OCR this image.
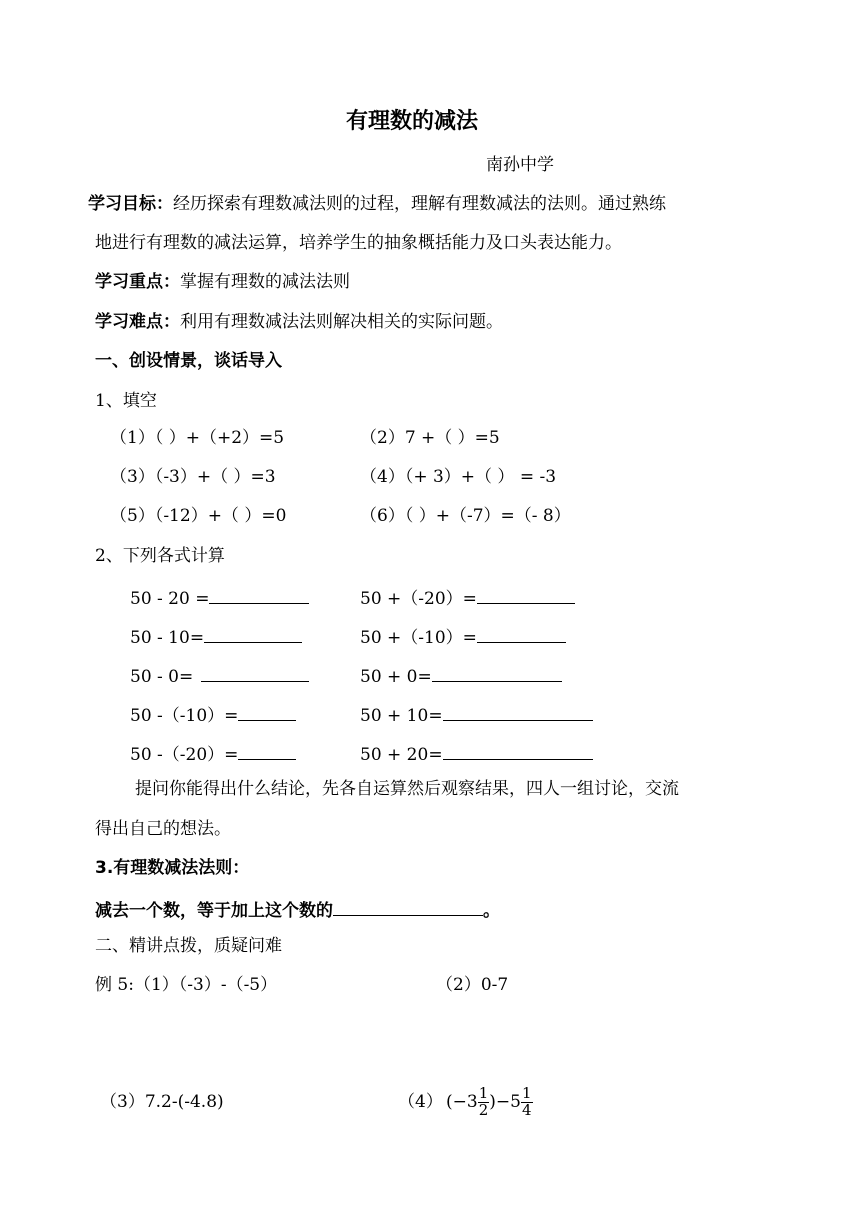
有理数的减法
南孙中学
学习目标：经历探索有理数减法则的过程，理解有理数减法的法则。通过熟练
地进行有理数的减法运算，培养学生的抽象概括能力及口头表达能力。
学习重点：掌握有理数的减法法则
学习难点：利用有理数减法法则解决相关的实际问题。
一、创设情景，谈话导入
1、填空
（1）（ ）+（+2）=5	（2）7 +（ ）=5
（3）（-3）+（ ）=3	（4）（+ 3）+（ ） = -3
（5）（-12）+（ ）=0	（6）（ ）+（-7）=（- 8）
2、下列各式计算
50 - 20 =	50 +（-20）=
50 - 10=	50 +（-10）=
50 - 0=	50 + 0=
50 -（-10）=	50 + 10=
50 -（-20）=	50 + 20=
提问你能得出什么结论，先各自运算然后观察结果，四人一组讨论，交流
得出自己的想法。
3.有理数减法法则：
减去一个数，等于加上这个数的	。
二、精讲点拨，质疑问难
例 5:（1）（-3）-（-5）	（2）0-7
（3）7.2-(-4.8)	（4） $(-3 \frac{1}{2} )-5 \frac{1}{4}$
